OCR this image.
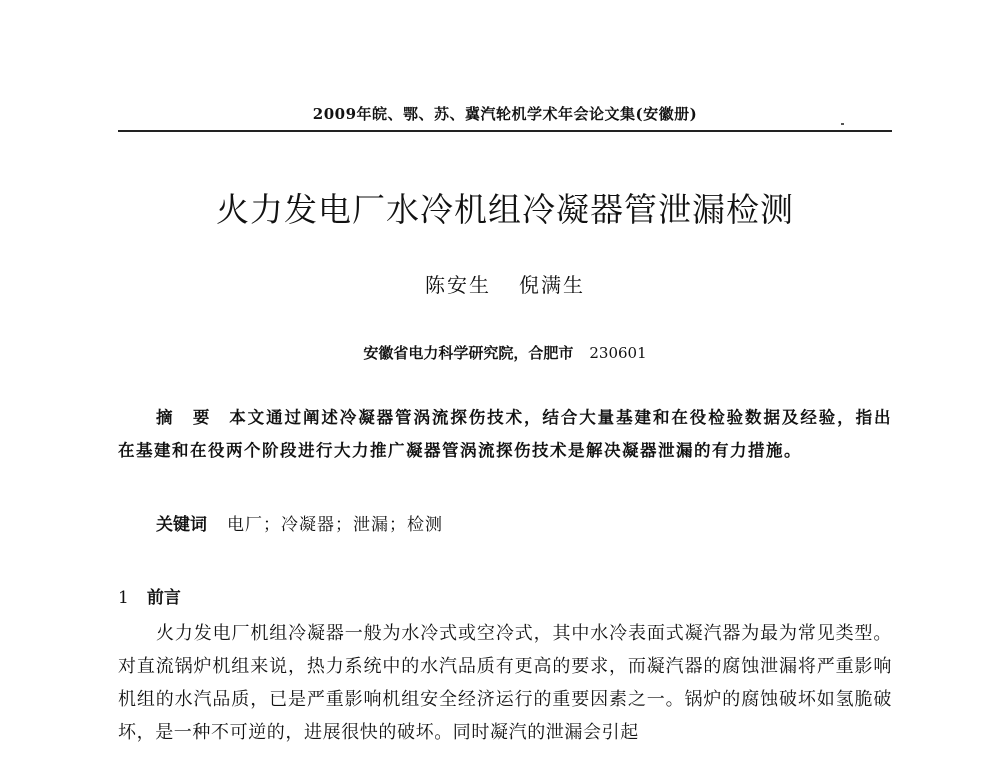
2009年皖、鄂、苏、冀汽轮机学术年会论文集(安徽册)
火力发电厂水冷机组冷凝器管泄漏检测
陈安生 倪满生
安徽省电力科学研究院，合肥市 230601
摘　要 本文通过阐述冷凝器管涡流探伤技术，结合大量基建和在役检验数据及经验，指出在基建和在役两个阶段进行大力推广凝器管涡流探伤技术是解决凝器泄漏的有力措施。
关键词 电厂；冷凝器；泄漏；检测
1 前言
火力发电厂机组冷凝器一般为水冷式或空冷式，其中水冷表面式凝汽器为最为常见类型。对直流锅炉机组来说，热力系统中的水汽品质有更高的要求，而凝汽器的腐蚀泄漏将严重影响机组的水汽品质，已是严重影响机组安全经济运行的重要因素之一。锅炉的腐蚀破坏如氢脆破坏，是一种不可逆的，进展很快的破坏。同时凝汽的泄漏会引起
